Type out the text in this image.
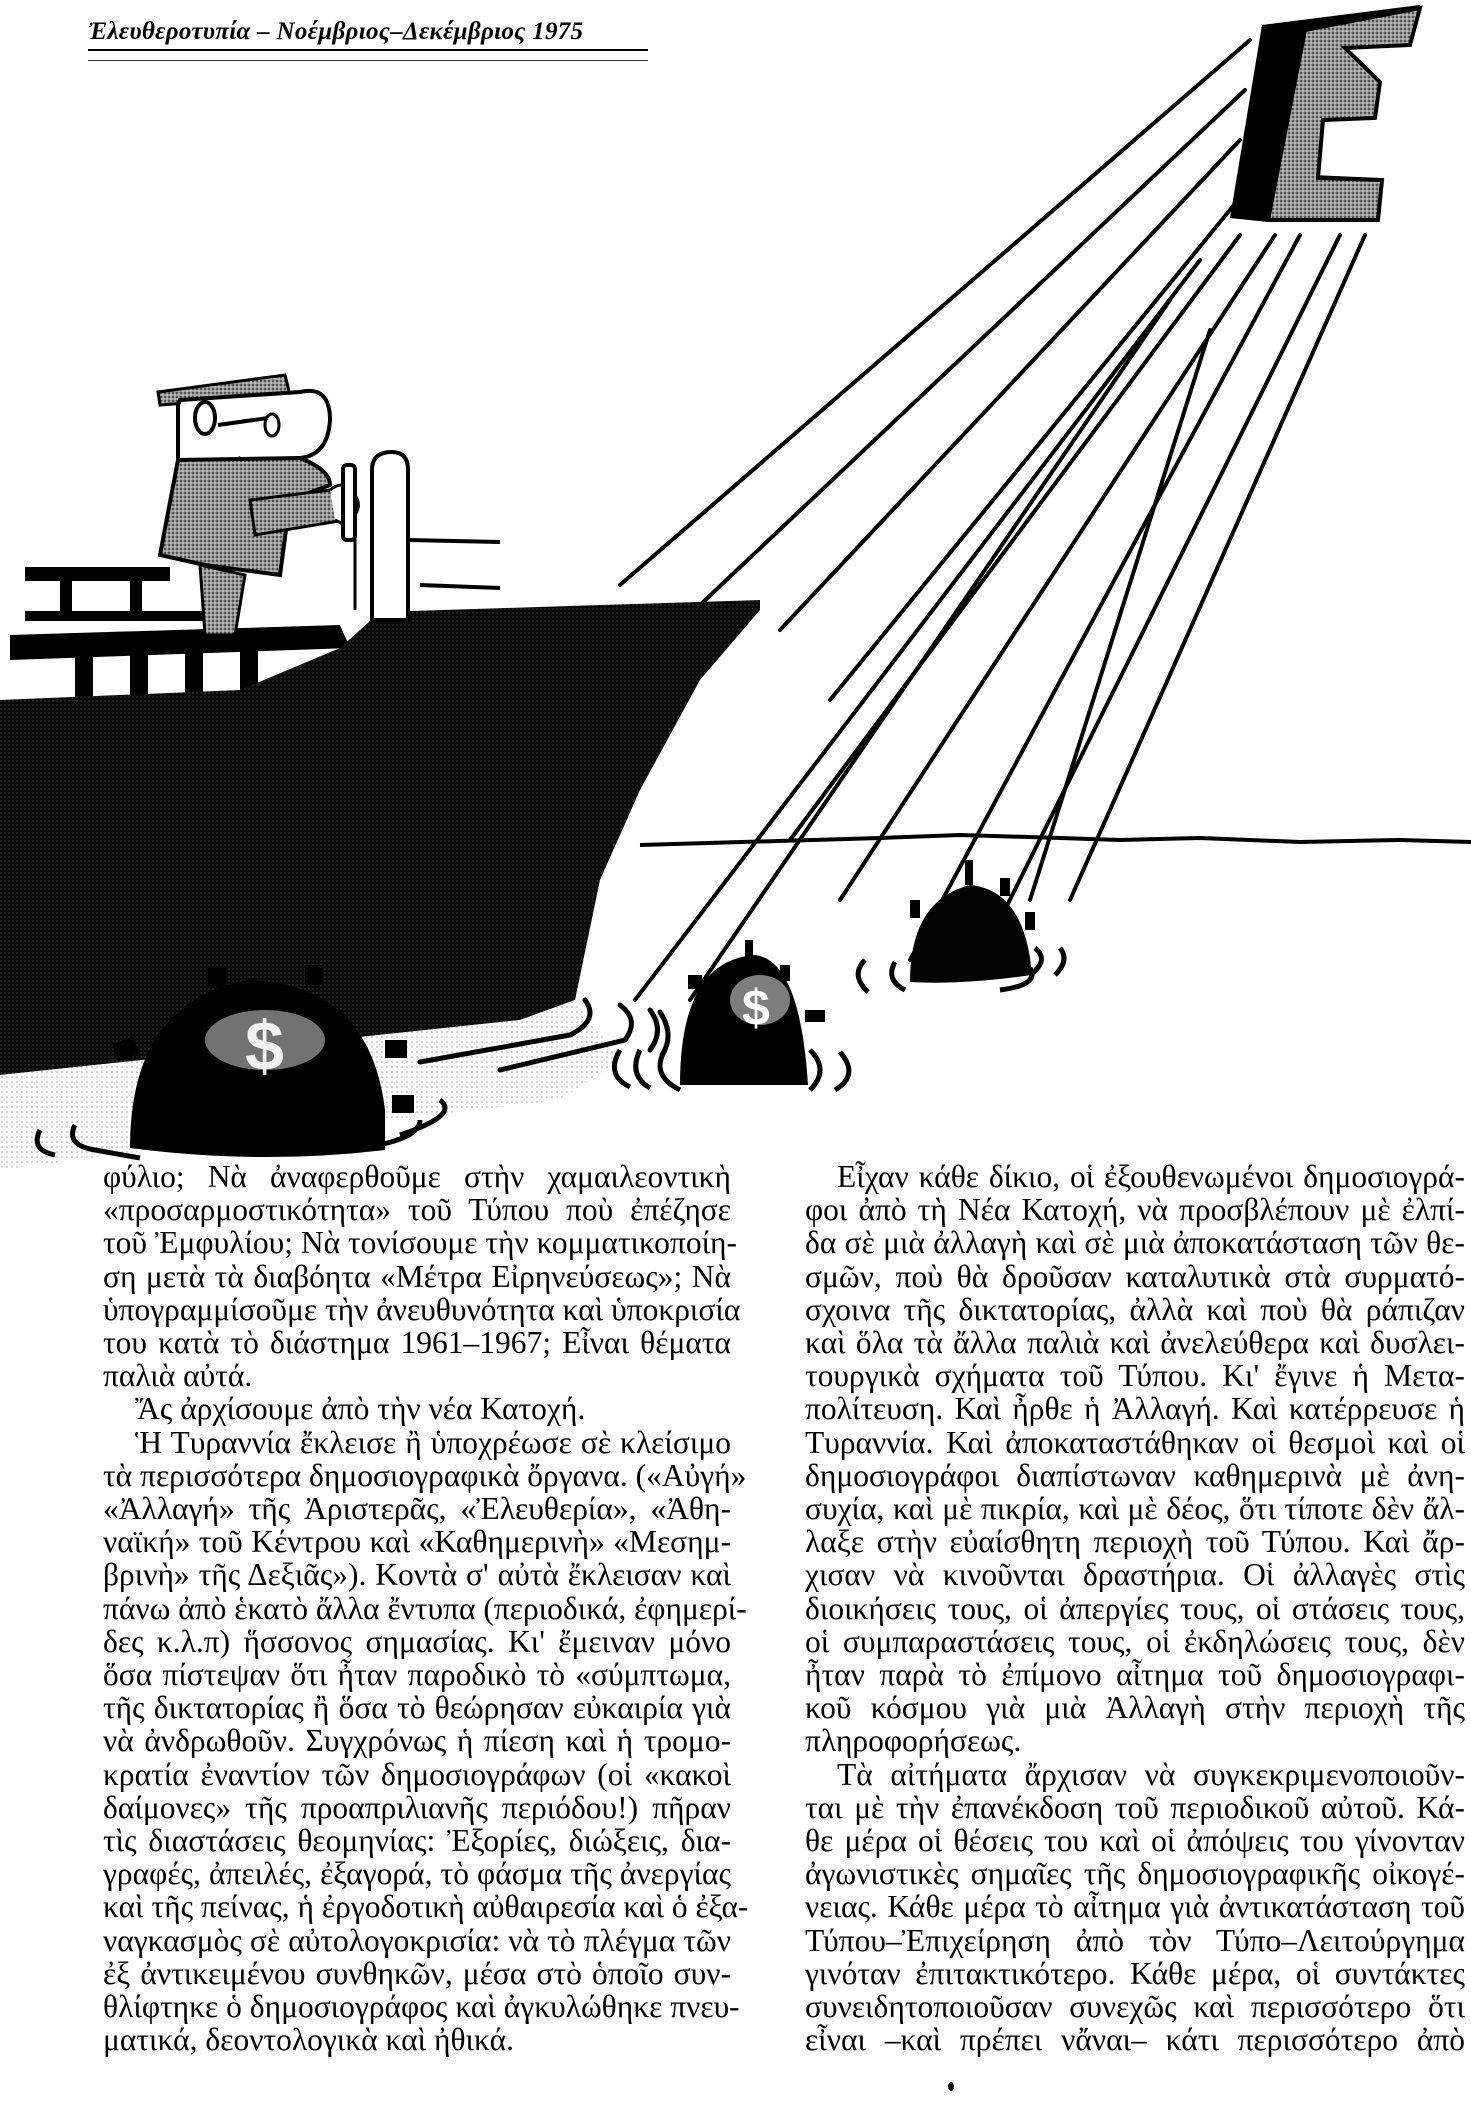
Ἐλευθεροτυπία – Νοέμβριος–Δεκέμβριος 1975
$	$
φύλιο; Νὰ ἀναφερθοῦμε στὴν χαμαιλεοντικὴ
«προσαρμοστικότητα» τοῦ Τύπου ποὺ ἐπέζησε
τοῦ Ἐμφυλίου; Νὰ τονίσουμε τὴν κομματικοποίη-
ση μετὰ τὰ διαβόητα «Μέτρα Εἰρηνεύσεως»; Νὰ
ὑπογραμμίσοῦμε τὴν ἀνευθυνότητα καὶ ὑποκρισία
του κατὰ τὸ διάστημα 1961–1967; Εἶναι θέματα
παλιὰ αὐτά.
Ἄς ἀρχίσουμε ἀπὸ τὴν νέα Κατοχή.
Ἡ Τυραννία ἔκλεισε ἢ ὑποχρέωσε σὲ κλείσιμο
τὰ περισσότερα δημοσιογραφικὰ ὄργανα. («Αὐγή»
«Ἀλλαγή» τῆς Ἀριστερᾶς, «Ἐλευθερία», «Ἀθη-
ναϊκή» τοῦ Κέντρου καὶ «Καθημερινὴ» «Μεσημ-
βρινὴ» τῆς Δεξιᾶς»). Κοντὰ σ' αὐτὰ ἔκλεισαν καὶ
πάνω ἀπὸ ἑκατὸ ἄλλα ἔντυπα (περιοδικά, ἐφημερί-
δες κ.λ.π) ἥσσονος σημασίας. Κι' ἔμειναν μόνο
ὅσα πίστεψαν ὅτι ἦταν παροδικὸ τὸ «σύμπτωμα,
τῆς δικτατορίας ἢ ὅσα τὸ θεώρησαν εὐκαιρία γιὰ
νὰ ἀνδρωθοῦν. Συγχρόνως ἡ πίεση καὶ ἡ τρομο-
κρατία ἐναντίον τῶν δημοσιογράφων (οἱ «κακοὶ
δαίμονες» τῆς προαπριλιανῆς περιόδου!) πῆραν
τὶς διαστάσεις θεομηνίας: Ἐξορίες, διώξεις, δια-
γραφές, ἀπειλές, ἐξαγορά, τὸ φάσμα τῆς ἀνεργίας
καὶ τῆς πείνας, ἡ ἐργοδοτικὴ αὐθαιρεσία καὶ ὁ ἐξα-
ναγκασμὸς σὲ αὐτολογοκρισία: νὰ τὸ πλέγμα τῶν
ἐξ ἀντικειμένου συνθηκῶν, μέσα στὸ ὁποῖο συν-
θλίφτηκε ὁ δημοσιογράφος καὶ ἀγκυλώθηκε πνευ-
ματικά, δεοντολογικὰ καὶ ἠθικά.
Εἶχαν κάθε δίκιο, οἱ ἐξουθενωμένοι δημοσιογρά-
φοι ἀπὸ τὴ Νέα Κατοχή, νὰ προσβλέπουν μὲ ἐλπί-
δα σὲ μιὰ ἀλλαγὴ καὶ σὲ μιὰ ἀποκατάσταση τῶν θε-
σμῶν, ποὺ θὰ δροῦσαν καταλυτικὰ στὰ συρματό-
σχοινα τῆς δικτατορίας, ἀλλὰ καὶ ποὺ θὰ ράπιζαν
καὶ ὅλα τὰ ἄλλα παλιὰ καὶ ἀνελεύθερα καὶ δυσλει-
τουργικὰ σχήματα τοῦ Τύπου. Κι' ἔγινε ἡ Μετα-
πολίτευση. Καὶ ἦρθε ἡ Ἀλλαγή. Καὶ κατέρρευσε ἡ
Τυραννία. Καὶ ἀποκαταστάθηκαν οἱ θεσμοὶ καὶ οἱ
δημοσιογράφοι διαπίστωναν καθημερινὰ μὲ ἀνη-
συχία, καὶ μὲ πικρία, καὶ μὲ δέος, ὅτι τίποτε δὲν ἄλ-
λαξε στὴν εὐαίσθητη περιοχὴ τοῦ Τύπου. Καὶ ἄρ-
χισαν νὰ κινοῦνται δραστήρια. Οἱ ἀλλαγὲς στὶς
διοικήσεις τους, οἱ ἀπεργίες τους, οἱ στάσεις τους,
οἱ συμπαραστάσεις τους, οἱ ἐκδηλώσεις τους, δὲν
ἦταν παρὰ τὸ ἐπίμονο αἶτημα τοῦ δημοσιογραφι-
κοῦ κόσμου γιὰ μιὰ Ἀλλαγὴ στὴν περιοχὴ τῆς
πληροφορήσεως.
Τὰ αἰτήματα ἄρχισαν νὰ συγκεκριμενοποιοῦν-
ται μὲ τὴν ἐπανέκδοση τοῦ περιοδικοῦ αὐτοῦ. Κά-
θε μέρα οἱ θέσεις του καὶ οἱ ἀπόψεις του γίνονταν
ἀγωνιστικὲς σημαῖες τῆς δημοσιογραφικῆς οἰκογέ-
νειας. Κάθε μέρα τὸ αἶτημα γιὰ ἀντικατάσταση τοῦ
Τύπου–Ἐπιχείρηση ἀπὸ τὸν Τύπο–Λειτούργημα
γινόταν ἐπιτακτικότερο. Κάθε μέρα, οἱ συντάκτες
συνειδητοποιοῦσαν συνεχῶς καὶ περισσότερο ὅτι
εἶναι –καὶ πρέπει νἄναι– κάτι περισσότερο ἀπὸ
